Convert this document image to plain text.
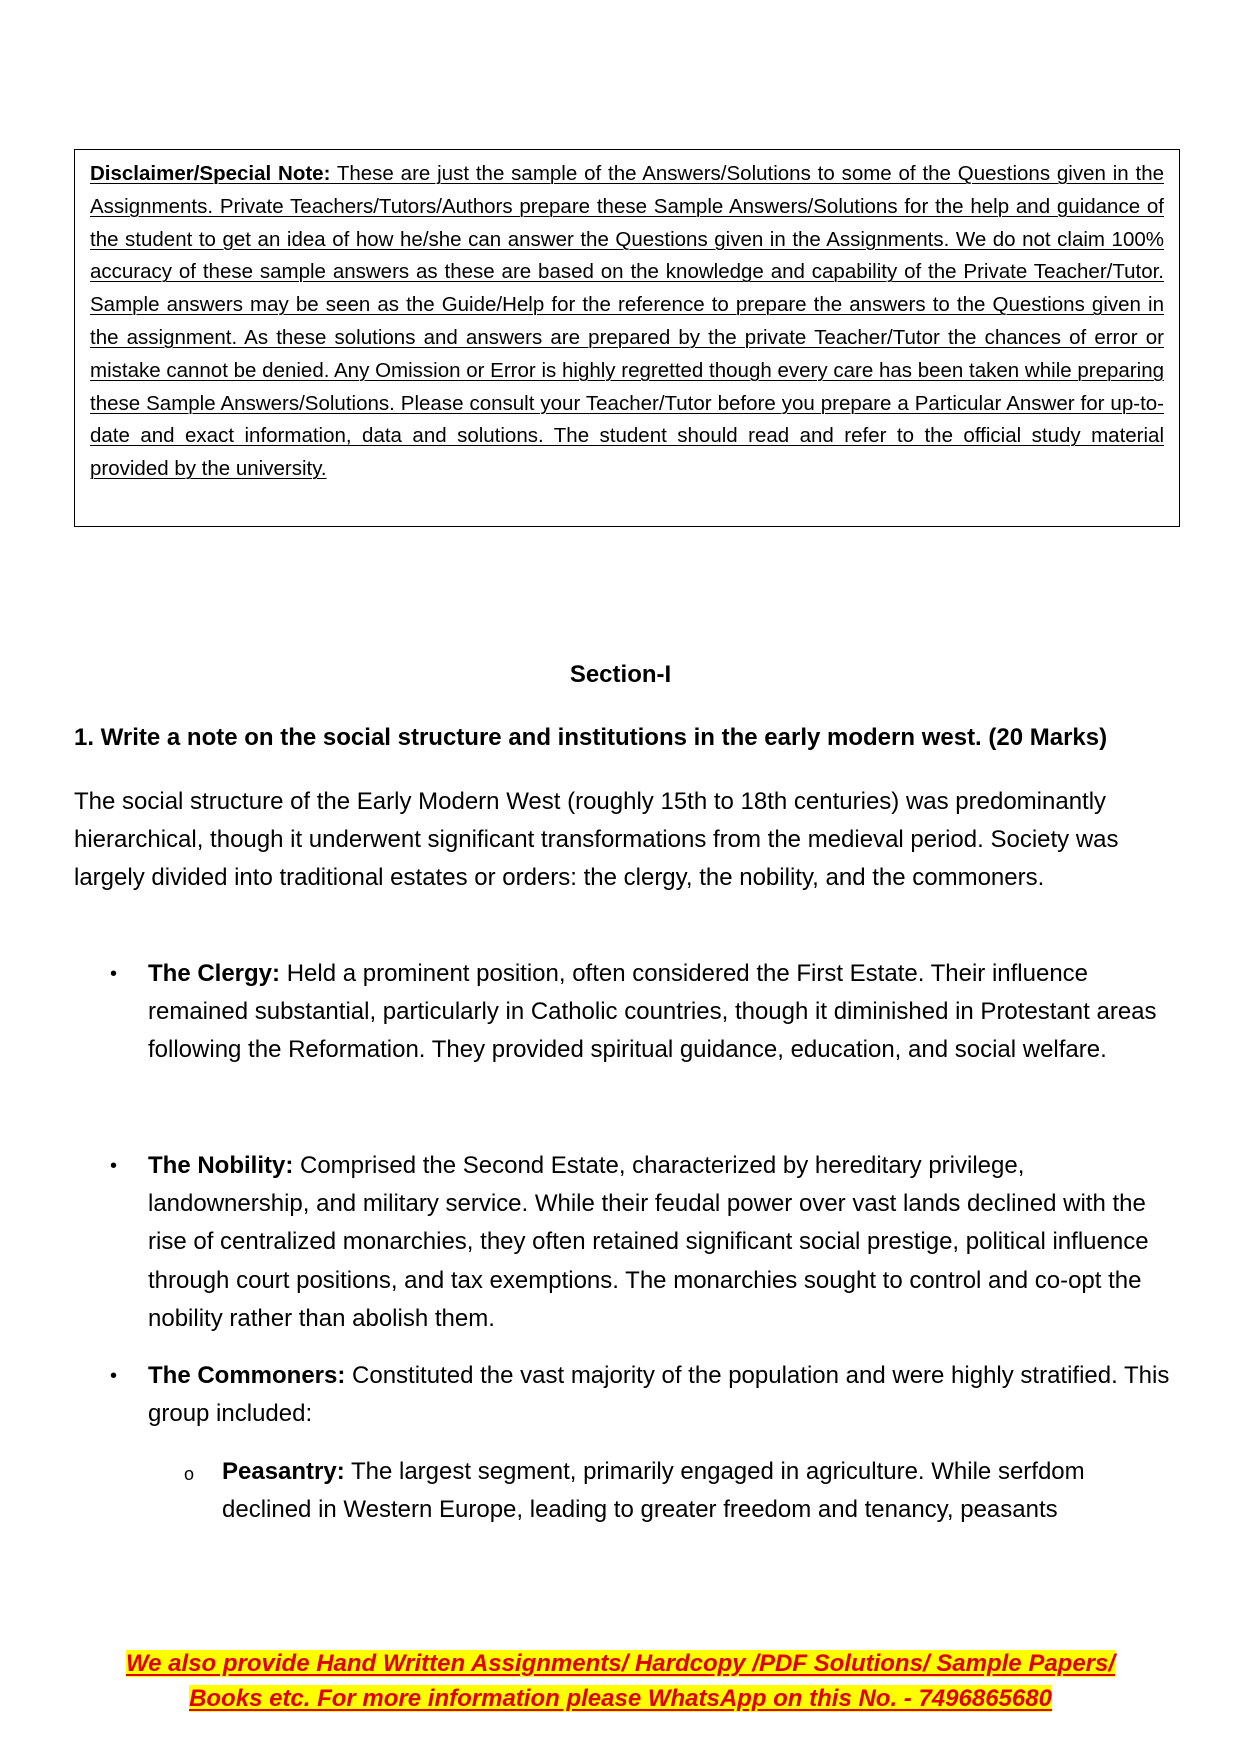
Disclaimer/Special Note: These are just the sample of the Answers/Solutions to some of the Questions given in the Assignments. Private Teachers/Tutors/Authors prepare these Sample Answers/Solutions for the help and guidance of the student to get an idea of how he/she can answer the Questions given in the Assignments. We do not claim 100% accuracy of these sample answers as these are based on the knowledge and capability of the Private Teacher/Tutor. Sample answers may be seen as the Guide/Help for the reference to prepare the answers to the Questions given in the assignment. As these solutions and answers are prepared by the private Teacher/Tutor the chances of error or mistake cannot be denied. Any Omission or Error is highly regretted though every care has been taken while preparing these Sample Answers/Solutions. Please consult your Teacher/Tutor before you prepare a Particular Answer for up-to-date and exact information, data and solutions. The student should read and refer to the official study material provided by the university.
Section-I
1. Write a note on the social structure and institutions in the early modern west. (20 Marks)
The social structure of the Early Modern West (roughly 15th to 18th centuries) was predominantly hierarchical, though it underwent significant transformations from the medieval period. Society was largely divided into traditional estates or orders: the clergy, the nobility, and the commoners.
• The Clergy: Held a prominent position, often considered the First Estate. Their influence remained substantial, particularly in Catholic countries, though it diminished in Protestant areas following the Reformation. They provided spiritual guidance, education, and social welfare.
• The Nobility: Comprised the Second Estate, characterized by hereditary privilege, landownership, and military service. While their feudal power over vast lands declined with the rise of centralized monarchies, they often retained significant social prestige, political influence through court positions, and tax exemptions. The monarchies sought to control and co-opt the nobility rather than abolish them.
• The Commoners: Constituted the vast majority of the population and were highly stratified. This group included:
o Peasantry: The largest segment, primarily engaged in agriculture. While serfdom declined in Western Europe, leading to greater freedom and tenancy, peasants
We also provide Hand Written Assignments/ Hardcopy /PDF Solutions/ Sample Papers/
Books etc. For more information please WhatsApp on this No. - 7496865680
